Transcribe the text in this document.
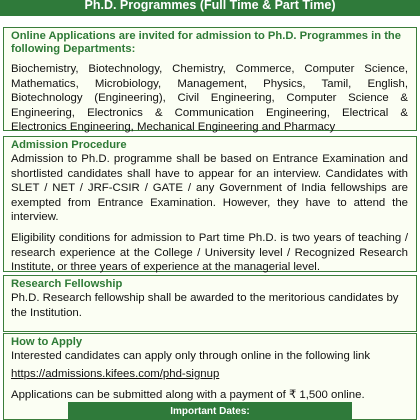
Ph.D. Programmes (Full Time & Part Time)
Online Applications are invited for admission to Ph.D. Programmes in the following Departments:
Biochemistry, Biotechnology, Chemistry, Commerce, Computer Science, Mathematics, Microbiology, Management, Physics, Tamil, English, Biotechnology (Engineering), Civil Engineering, Computer Science & Engineering, Electronics & Communication Engineering, Electrical & Electronics Engineering, Mechanical Engineering and Pharmacy
Admission Procedure
Admission to Ph.D. programme shall be based on Entrance Examination and shortlisted candidates shall have to appear for an interview. Candidates with SLET / NET / JRF-CSIR / GATE / any Government of India fellowships are exempted from Entrance Examination. However, they have to attend the interview.
Eligibility conditions for admission to Part time Ph.D. is two years of teaching / research experience at the College / University level / Recognized Research Institute, or three years of experience at the managerial level.
Research Fellowship
Ph.D. Research fellowship shall be awarded to the meritorious candidates by the Institution.
How to Apply
Interested candidates can apply only through online in the following link
https://admissions.kifees.com/phd-signup
Applications can be submitted along with a payment of ₹ 1,500 online.
Important Dates:
